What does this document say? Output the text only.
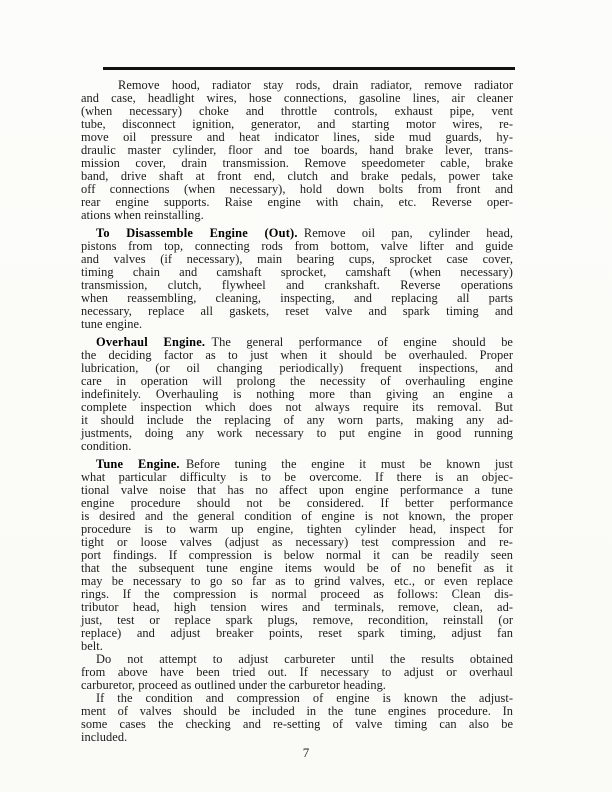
Remove hood, radiator stay rods, drain radiator, remove radiator
and case, headlight wires, hose connections, gasoline lines, air cleaner
(when necessary) choke and throttle controls, exhaust pipe, vent
tube, disconnect ignition, generator, and starting motor wires, re-
move oil pressure and heat indicator lines, side mud guards, hy-
draulic master cylinder, floor and toe boards, hand brake lever, trans-
mission cover, drain transmission. Remove speedometer cable, brake
band, drive shaft at front end, clutch and brake pedals, power take
off connections (when necessary), hold down bolts from front and
rear engine supports. Raise engine with chain, etc. Reverse oper-
ations when reinstalling.
To Disassemble Engine (Out). Remove oil pan, cylinder head,
pistons from top, connecting rods from bottom, valve lifter and guide
and valves (if necessary), main bearing cups, sprocket case cover,
timing chain and camshaft sprocket, camshaft (when necessary)
transmission, clutch, flywheel and crankshaft. Reverse operations
when reassembling, cleaning, inspecting, and replacing all parts
necessary, replace all gaskets, reset valve and spark timing and
tune engine.
Overhaul Engine. The general performance of engine should be
the deciding factor as to just when it should be overhauled. Proper
lubrication, (or oil changing periodically) frequent inspections, and
care in operation will prolong the necessity of overhauling engine
indefinitely. Overhauling is nothing more than giving an engine a
complete inspection which does not always require its removal. But
it should include the replacing of any worn parts, making any ad-
justments, doing any work necessary to put engine in good running
condition.
Tune Engine. Before tuning the engine it must be known just
what particular difficulty is to be overcome. If there is an objec-
tional valve noise that has no affect upon engine performance a tune
engine procedure should not be considered. If better performance
is desired and the general condition of engine is not known, the proper
procedure is to warm up engine, tighten cylinder head, inspect for
tight or loose valves (adjust as necessary) test compression and re-
port findings. If compression is below normal it can be readily seen
that the subsequent tune engine items would be of no benefit as it
may be necessary to go so far as to grind valves, etc., or even replace
rings. If the compression is normal proceed as follows: Clean dis-
tributor head, high tension wires and terminals, remove, clean, ad-
just, test or replace spark plugs, remove, recondition, reinstall (or
replace) and adjust breaker points, reset spark timing, adjust fan
belt.
Do not attempt to adjust carbureter until the results obtained
from above have been tried out. If necessary to adjust or overhaul
carburetor, proceed as outlined under the carburetor heading.
If the condition and compression of engine is known the adjust-
ment of valves should be included in the tune engines procedure. In
some cases the checking and re-setting of valve timing can also be
included.
7
